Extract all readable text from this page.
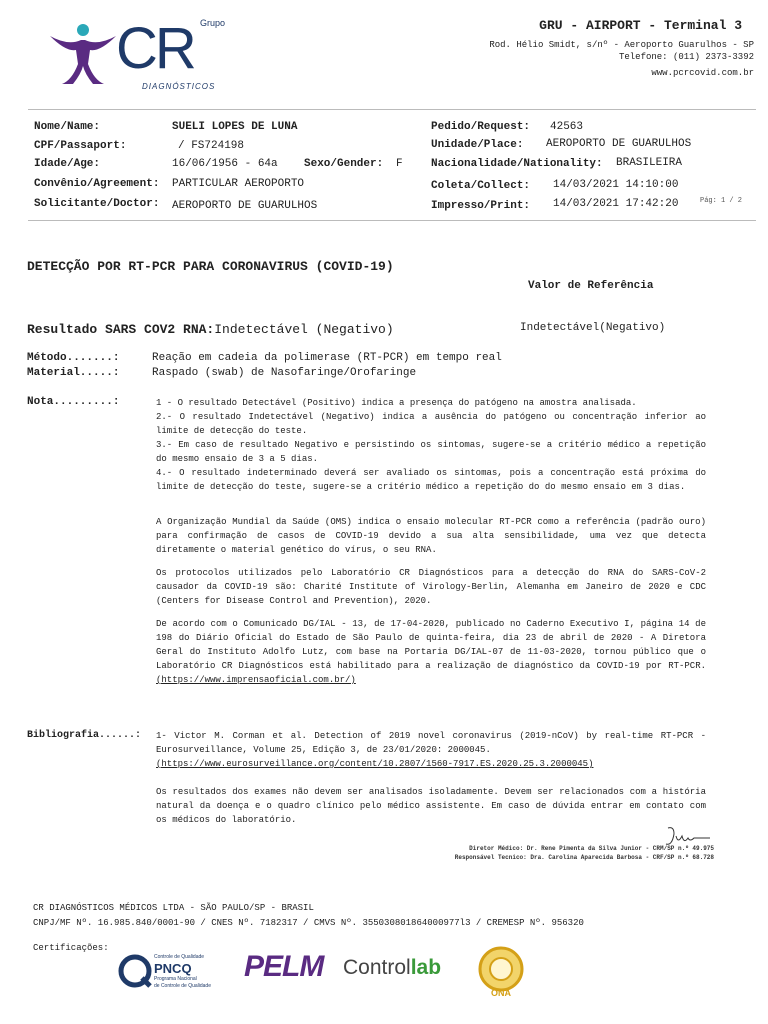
Grupo
CR
DIAGNÓSTICOS
GRU - AIRPORT - Terminal 3
Rod. Hélio Smidt, s/nº - Aeroporto Guarulhos - SP
Telefone: (011) 2373-3392
www.pcrcovid.com.br
Nome/Name:	SUELI LOPES DE LUNA
CPF/Passaport:	/ FS724198
Idade/Age:	16/06/1956 - 64a Sexo/Gender: F
Convênio/Agreement: PARTICULAR AEROPORTO
Solicitante/Doctor: AEROPORTO DE GUARULHOS
Pedido/Request: 42563
Unidade/Place: AEROPORTO DE GUARULHOS
Nacionalidade/Nationality: BRASILEIRA
Coleta/Collect: 14/03/2021 14:10:00
Impresso/Print: 14/03/2021 17:42:20	Pág: 1 / 2
DETECÇÃO POR RT-PCR PARA CORONAVIRUS (COVID-19)
Valor de Referência
Resultado SARS COV2 RNA:Indetectável (Negativo)	Indetectável(Negativo)
Método.......:	Reação em cadeia da polimerase (RT-PCR) em tempo real
Material.....:	Raspado (swab) de Nasofaringe/Orofaringe
Nota.........:	1 - O resultado Detectável (Positivo) indica a presença do patógeno na amostra analisada.
2.- O resultado Indetectável (Negativo) indica a ausência do patógeno ou concentração inferior ao limite de detecção do teste.
3.- Em caso de resultado Negativo e persistindo os sintomas, sugere-se a critério médico a repetição do mesmo ensaio de 3 a 5 dias.
4.- O resultado indeterminado deverá ser avaliado os sintomas, pois a concentração está próxima do limite de detecção do teste, sugere-se a critério médico a repetição do do mesmo ensaio em 3 dias.

A Organização Mundial da Saúde (OMS) indica o ensaio molecular RT-PCR como a referência (padrão ouro) para confirmação de casos de COVID-19 devido a sua alta sensibilidade, uma vez que detecta diretamente o material genético do vírus, o seu RNA.

Os protocolos utilizados pelo Laboratório CR Diagnósticos para a detecção do RNA do SARS-CoV-2 causador da COVID-19 são: Charité Institute of Virology-Berlin, Alemanha em Janeiro de 2020 e CDC (Centers for Disease Control and Prevention), 2020.

De acordo com o Comunicado DG/IAL - 13, de 17-04-2020, publicado no Caderno Executivo I, página 14 de 198 do Diário Oficial do Estado de São Paulo de quinta-feira, dia 23 de abril de 2020 - A Diretora Geral do Instituto Adolfo Lutz, com base na Portaria DG/IAL-07 de 11-03-2020, tornou público que o Laboratório CR Diagnósticos está habilitado para a realização de diagnóstico da COVID-19 por RT-PCR. (https://www.imprensaoficial.com.br/)

Bibliografia......: 1- Victor M. Corman et al. Detection of 2019 novel coronavirus (2019-nCoV) by real-time RT-PCR - Eurosurveillance, Volume 25, Edição 3, de 23/01/2020: 2000045.
(https://www.eurosurveillance.org/content/10.2807/1560-7917.ES.2020.25.3.2000045)
Os resultados dos exames não devem ser analisados isoladamente. Devem ser relacionados com a história natural da doença e o quadro clínico pelo médico assistente. Em caso de dúvida entrar em contato com os médicos do laboratório.
Diretor Médico: Dr. Rene Pimenta da Silva Junior - CRM/SP n.º 49.975
Responsável Tecnico: Dra. Carolina Aparecida Barbosa - CRF/SP n.º 68.728
CR DIAGNÓSTICOS MÉDICOS LTDA - SÃO PAULO/SP - BRASIL
CNPJ/MF Nº. 16.985.840/0001-90 / CNES Nº. 7182317 / CMVS Nº. 355030801864000977l3 / CREMESP Nº. 956320
Certificações:
Controle de Qualidade
PNCQ
Programa Nacional
de Controle de Qualidade
PELM Controllab
ONA
